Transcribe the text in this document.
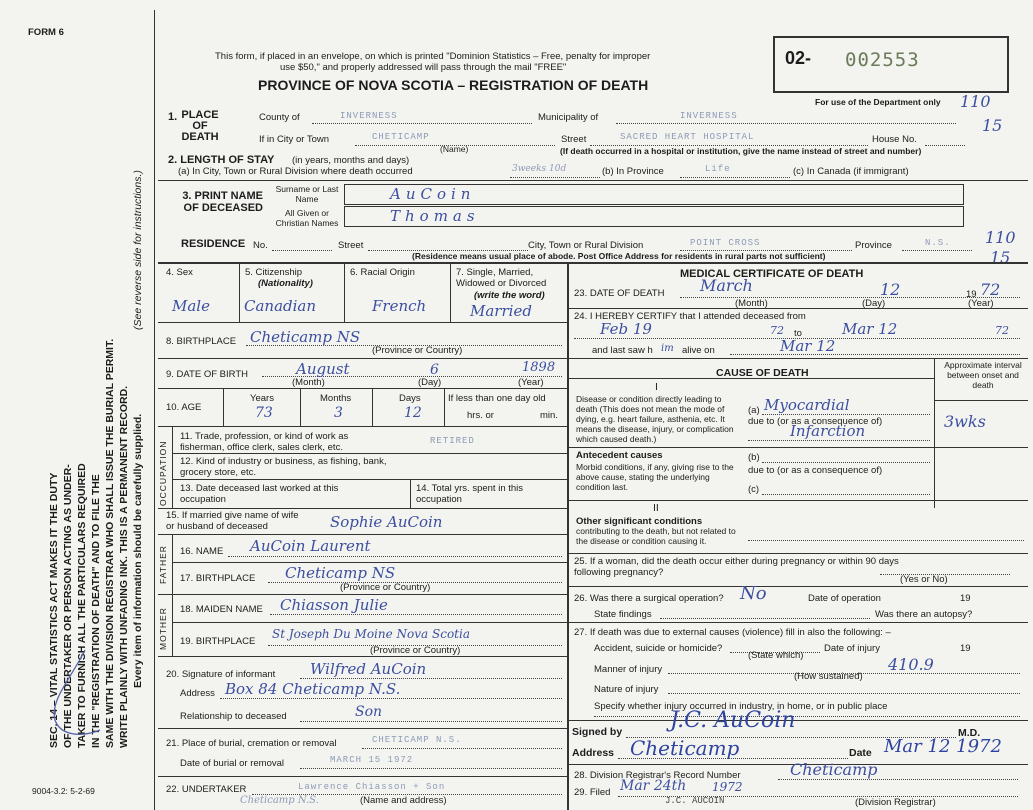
FORM 6
This form, if placed in an envelope, on which is printed "Dominion Statistics – Free, penalty for improper
use $50," and properly addressed will pass through the mail "FREE"
PROVINCE OF NOVA SCOTIA – REGISTRATION OF DEATH
02- 002553
For use of the Department only 110
15
110
15
SEC. 14 – VITAL STATISTICS ACT MAKES IT THE DUTY OF THE UNDERTAKER OR PERSON ACTING AS UNDER- TAKER TO FURNISH ALL THE PARTICULARS REQUIRED IN THE "REGISTRATION OF DEATH" AND TO FILE THE SAME WITH THE DIVISION REGISTRAR WHO SHALL ISSUE THE BURIAL PERMIT. WRITE PLAINLY WITH UNFADING INK. THIS IS A PERMANENT RECORD.
(See reverse side for instructions.)
Every item of information should be carefully supplied.
9004-3.2: 5-2-69
1. PLACE OF DEATH
County of	INVERNESS	Municipality of	INVERNESS
If in City or Town	CHETICAMP
(Name)
Street	SACRED HEART HOSPITAL	House No.
(If death occurred in a hospital or institution, give the name instead of street and number)
2. LENGTH OF STAY (in years, months and days)
(a) In City, Town or Rural Division where death occurred	3weeks 10d	(b) In Province	Life	(c) In Canada (if immigrant)
3. PRINT NAME OF DECEASED
Surname or Last Name
All Given or Christian Names
AuCoin
Thomas
RESIDENCE No.	Street	City, Town or Rural Division	POINT CROSS	Province	N.S.
(Residence means usual place of abode. Post Office Address for residents in rural parts not sufficient)
4. Sex
Male
5. Citizenship
(Nationality)
Canadian
6. Racial Origin
French
7. Single, Married, Widowed or Divorced
(write the word)
Married
8. BIRTHPLACE Cheticamp NS
(Province or Country)
9. DATE OF BIRTH	August	6	1898
(Month)	(Day)	(Year)
10. AGE
Years
73
Months
3
Days
12
If less than one day old
hrs. or	min.
OCCUPATION
11. Trade, profession, or kind of work as fisherman, office clerk, sales clerk, etc.
RETIRED
12. Kind of industry or business, as fishing, bank, grocery store, etc.
13. Date deceased last worked at this occupation
14. Total yrs. spent in this occupation
15. If married give name of wife or husband of deceased	Sophie AuCoin
FATHER 16. NAME AuCoin Laurent
17. BIRTHPLACE Cheticamp NS
(Province or Country)
MOTHER 18. MAIDEN NAME Chiasson Julie
19. BIRTHPLACE
St Joseph Du Moine Nova Scotia
(Province or Country)
20. Signature of informant Wilfred AuCoin
Address Box 84 Cheticamp N.S.
Relationship to deceased	Son
21. Place of burial, cremation or removal	CHETICAMP N.S.
Date of burial or removal	MARCH 15 1972
22. UNDERTAKER	Lawrence Chiasson + Son
Cheticamp N.S.	(Name and address)
MEDICAL CERTIFICATE OF DEATH
23. DATE OF DEATH March	12	19 72
(Month)	(Day)	(Year)
24. I HEREBY CERTIFY that I attended deceased from
Feb 19	72 to	Mar 12	72
and last saw h im alive on	Mar 12
CAUSE OF DEATH
Approximate interval between onset and death
I
Disease or condition directly leading to death (This does not mean the mode of dying, e.g. heart failure, asthenia, etc. It means the disease, injury, or complication which caused death.)
(a) Myocardial
due to (or as a consequence of)
Infarction	3wks
Antecedent causes
Morbid conditions, if any, giving rise to the above cause, stating the underlying condition last.
(b)
due to (or as a consequence of)
(c)
II
Other significant conditions
contributing to the death, but not related to the disease or condition causing it.
25. If a woman, did the death occur either during pregnancy or within 90 days following pregnancy?
(Yes or No)
26. Was there a surgical operation? No	Date of operation	19
State findings	Was there an autopsy?
27. If death was due to external causes (violence) fill in also the following: –
Accident, suicide or homicide?
(State which)
Date of injury	19
Manner of injury	410.9
(How sustained)
Nature of injury
Specify whether injury occurred in industry, in home, or in public place
Signed by J.C. AuCoin	M.D.
Address Cheticamp	Date Mar 12 1972
28. Division Registrar's Record Number	Cheticamp
29. Filed Mar 24th 1972
J.C. AUCOIN	(Division Registrar)
